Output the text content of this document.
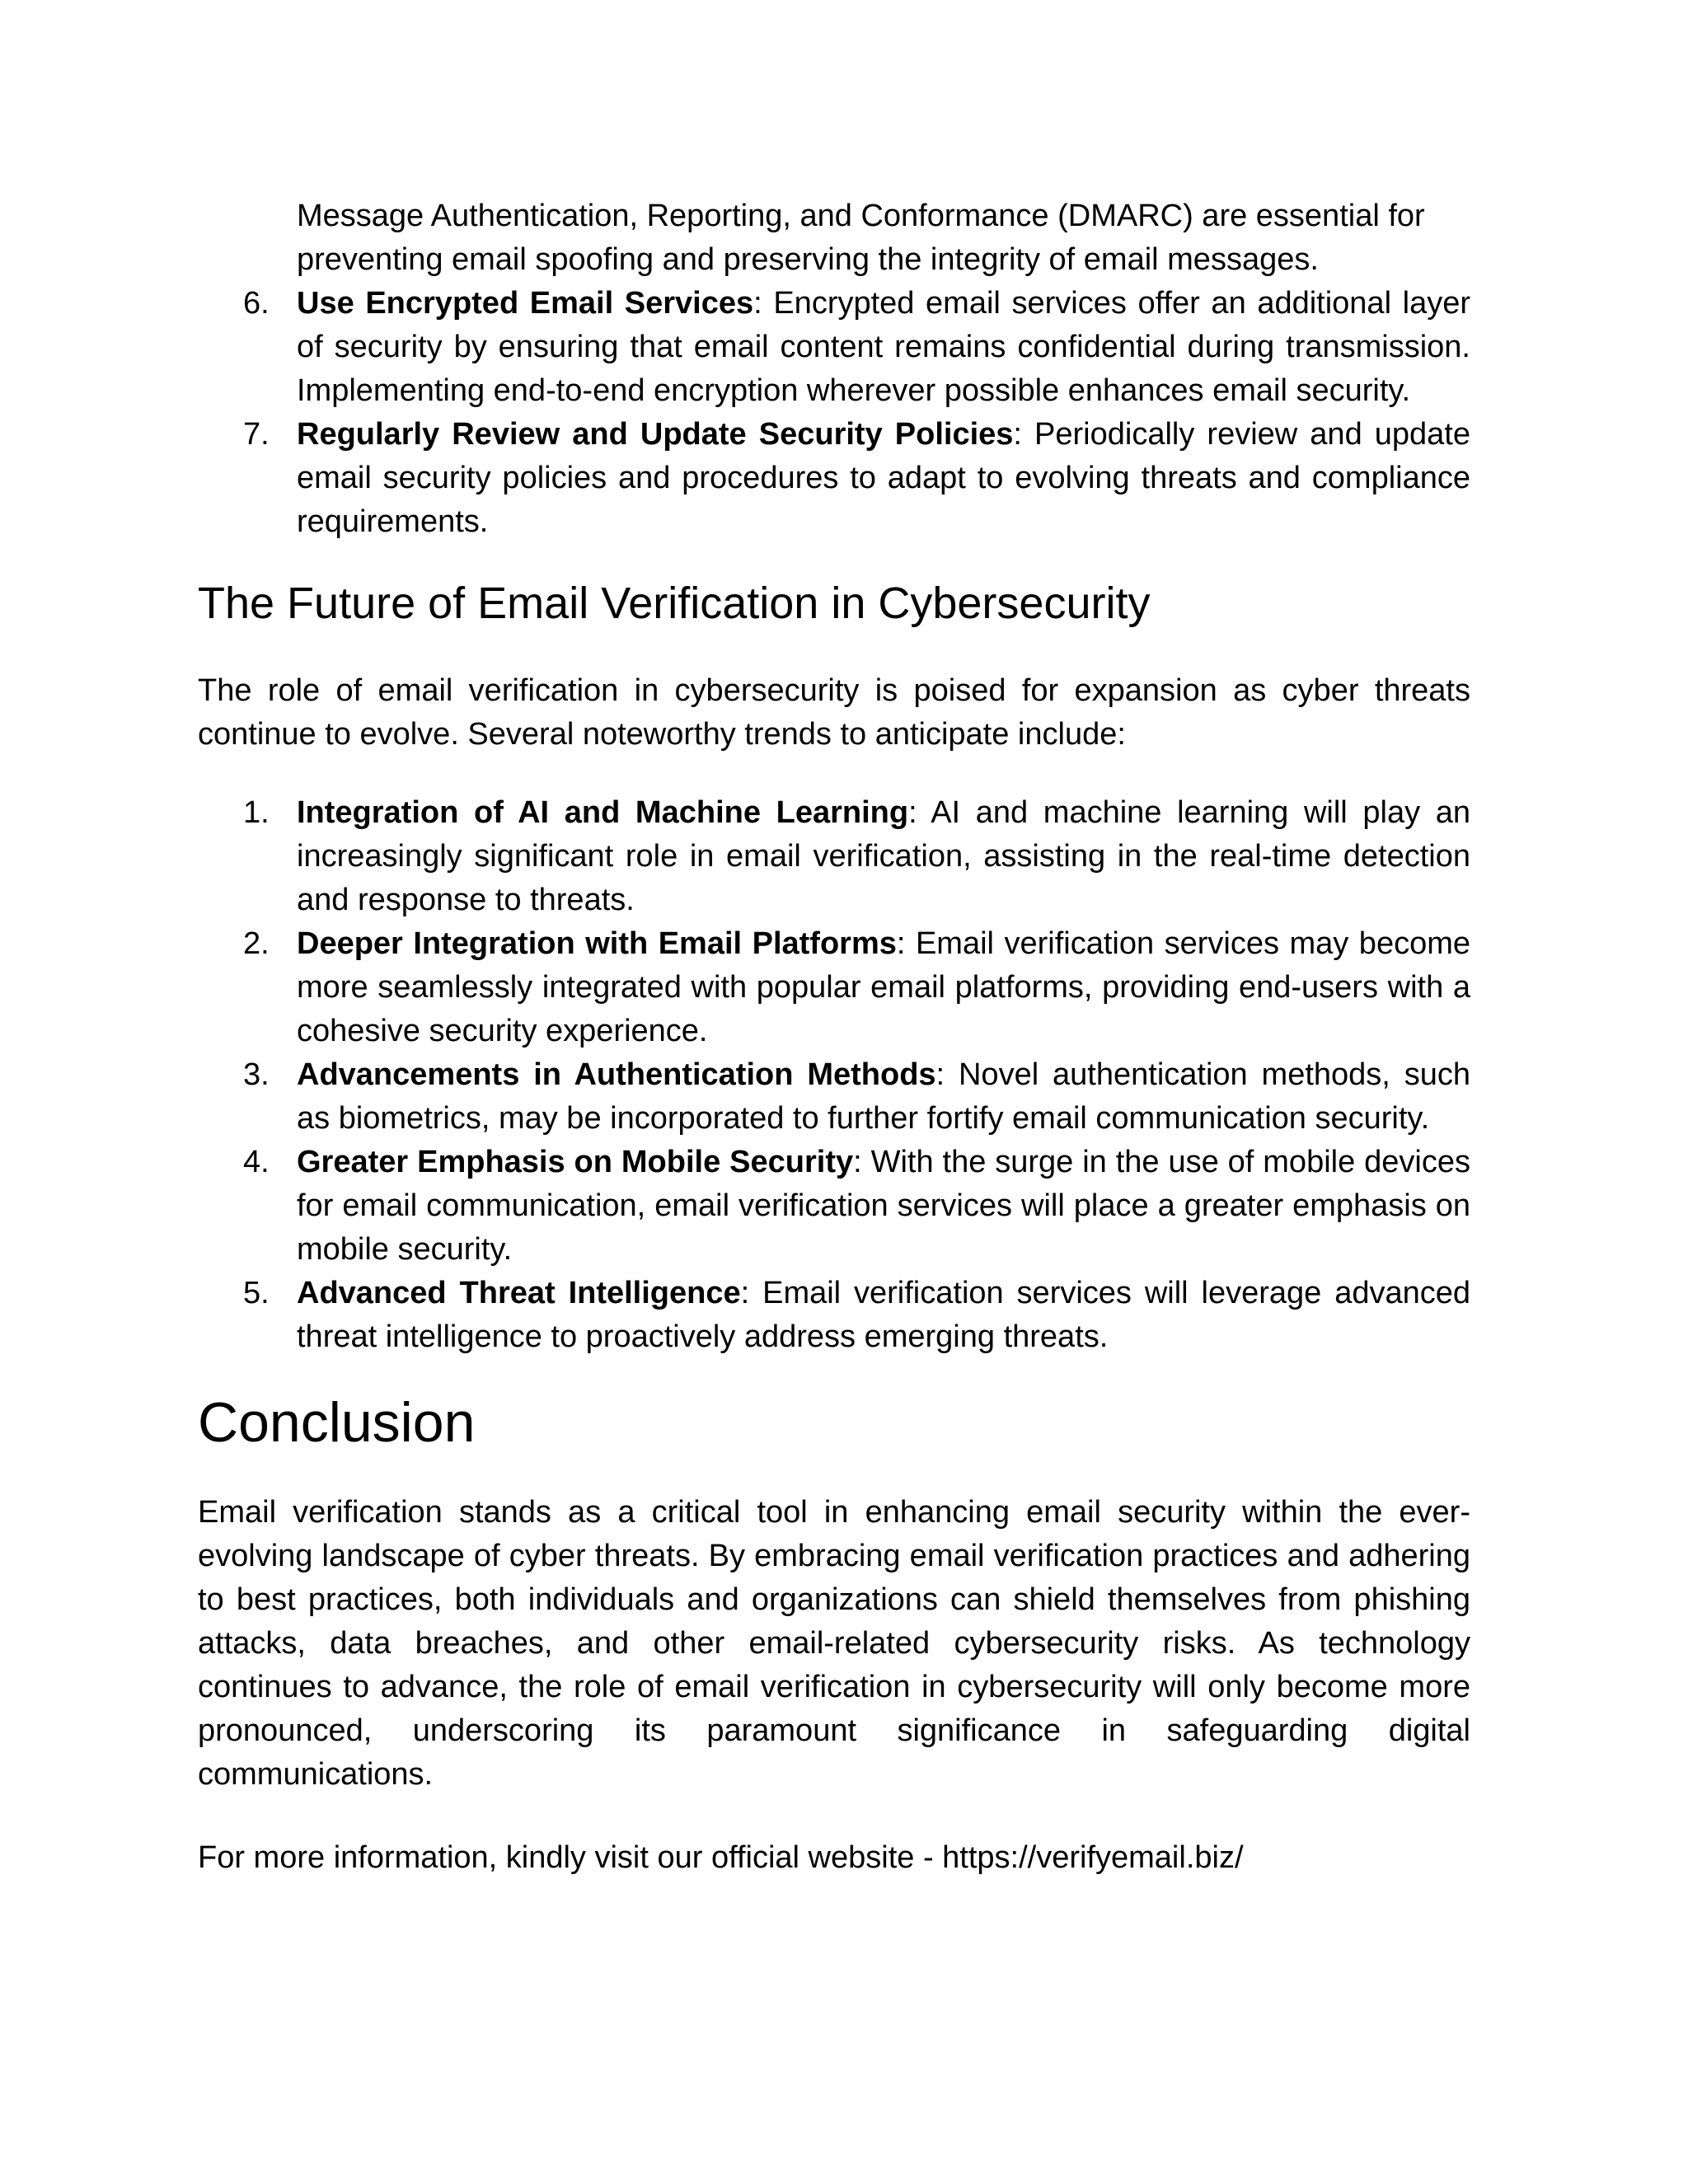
Message Authentication, Reporting, and Conformance (DMARC) are essential for preventing email spoofing and preserving the integrity of email messages.
6. Use Encrypted Email Services: Encrypted email services offer an additional layer of security by ensuring that email content remains confidential during transmission. Implementing end-to-end encryption wherever possible enhances email security.
7. Regularly Review and Update Security Policies: Periodically review and update email security policies and procedures to adapt to evolving threats and compliance requirements.
The Future of Email Verification in Cybersecurity

The role of email verification in cybersecurity is poised for expansion as cyber threats continue to evolve. Several noteworthy trends to anticipate include:

1. Integration of AI and Machine Learning: AI and machine learning will play an increasingly significant role in email verification, assisting in the real-time detection and response to threats.
2. Deeper Integration with Email Platforms: Email verification services may become more seamlessly integrated with popular email platforms, providing end-users with a cohesive security experience.
3. Advancements in Authentication Methods: Novel authentication methods, such as biometrics, may be incorporated to further fortify email communication security.
4. Greater Emphasis on Mobile Security: With the surge in the use of mobile devices for email communication, email verification services will place a greater emphasis on mobile security.
5. Advanced Threat Intelligence: Email verification services will leverage advanced threat intelligence to proactively address emerging threats.
Conclusion

Email verification stands as a critical tool in enhancing email security within the ever-evolving landscape of cyber threats. By embracing email verification practices and adhering to best practices, both individuals and organizations can shield themselves from phishing attacks, data breaches, and other email-related cybersecurity risks. As technology continues to advance, the role of email verification in cybersecurity will only become more pronounced, underscoring its paramount significance in safeguarding digital communications.

For more information, kindly visit our official website - https://verifyemail.biz/
